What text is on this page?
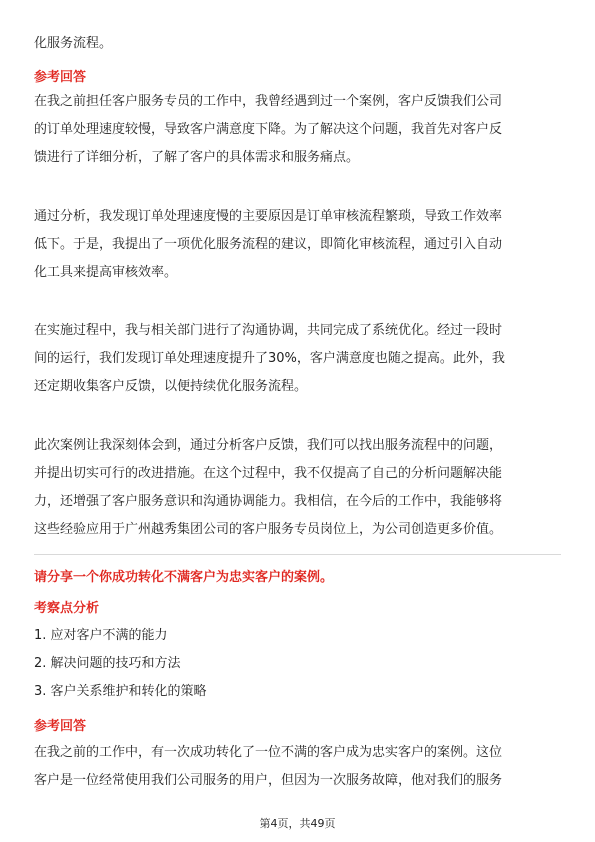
化服务流程。

参考回答

在我之前担任客户服务专员的工作中，我曾经遇到过一个案例，客户反馈我们公司

的订单处理速度较慢，导致客户满意度下降。为了解决这个问题，我首先对客户反

馈进行了详细分析，了解了客户的具体需求和服务痛点。

通过分析，我发现订单处理速度慢的主要原因是订单审核流程繁琐，导致工作效率

低下。于是，我提出了一项优化服务流程的建议，即简化审核流程，通过引入自动

化工具来提高审核效率。

在实施过程中，我与相关部门进行了沟通协调，共同完成了系统优化。经过一段时

间的运行，我们发现订单处理速度提升了30%，客户满意度也随之提高。此外，我

还定期收集客户反馈，以便持续优化服务流程。

此次案例让我深刻体会到，通过分析客户反馈，我们可以找出服务流程中的问题，

并提出切实可行的改进措施。在这个过程中，我不仅提高了自己的分析问题解决能

力，还增强了客户服务意识和沟通协调能力。我相信，在今后的工作中，我能够将

这些经验应用于广州越秀集团公司的客户服务专员岗位上，为公司创造更多价值。

请分享一个你成功转化不满客户为忠实客户的案例。

考察点分析

1. 应对客户不满的能力

2. 解决问题的技巧和方法

3. 客户关系维护和转化的策略

参考回答

在我之前的工作中，有一次成功转化了一位不满的客户成为忠实客户的案例。这位

客户是一位经常使用我们公司服务的用户，但因为一次服务故障，他对我们的服务

第4页，共49页
